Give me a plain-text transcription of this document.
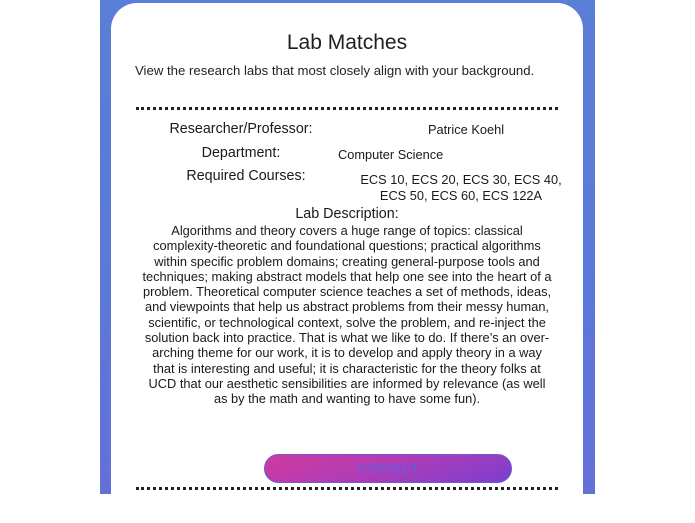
Lab Matches
View the research labs that most closely align with your background.
Researcher/Professor:	Patrice Koehl
Department:	Computer Science
Required Courses:	ECS 10, ECS 20, ECS 30, ECS 40,
ECS 50, ECS 60, ECS 122A
Lab Description:
Algorithms and theory covers a huge range of topics: classical complexity-theoretic and foundational questions; practical algorithms within specific problem domains; creating general-purpose tools and techniques; making abstract models that help one see into the heart of a problem. Theoretical computer science teaches a set of methods, ideas, and viewpoints that help us abstract problems from their messy human, scientific, or technological context, solve the problem, and re-inject the solution back into practice. That is what we like to do. If there’s an over-arching theme for our work, it is to develop and apply theory in a way that is interesting and useful; it is characteristic for the theory folks at UCD that our aesthetic sensibilities are informed by relevance (as well as by the math and wanting to have some fun).
CONTACT
